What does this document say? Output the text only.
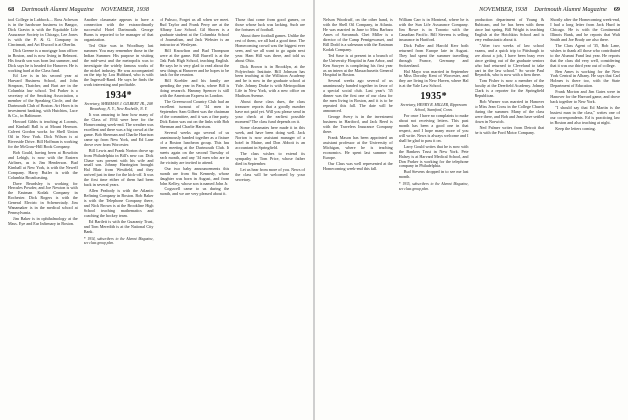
68 Dartmouth Alumni Magazine NOVEMBER, 1938

tool College in Lubbock.... Ross Acheson is in the hardware business in Bangor, Dick Gravin is with the Equitable Life Assurance Society in Chicago, Lee Jones is with the P. & G. Company in Cincinnati, and Art Elwood is at Oberlin.

Dick Greene is a mortgage loan officer in Boston, and is now living in Belmont. His fourth son was born last summer, and Dick says he is headed for Hanover. He is working hard at the Class fund.

Ed Lee is in his second year at Harvard Business School, and John Simpson, Thatcher, and Bart are in the Columbia law school. Ted Parker is a secretary of the Smoking Association, a member of the Speaking Circle, and the Dartmouth Club of Boston. Art Horn is in investment banking, with Hutchins, Luce & Co., in Baltimore.

Howard Gibbs is teaching at Loomis, and Kimball Ball is at Mount Hermon. Calvert Gordon works for Shell Union Oil in New York. Dick Wilson is at Riverside Drive. Bill Hoffman is working for the McGraw-Hill Book Company.

Bob Gould, having been at Bowdoin and Lehigh, is now with the Eastern Airlines, as is Jim Henderson. Bud Kimball at New York, is with the Newell Company. Harry Butler is with the Columbia Broadcasting.

Dave Beardsley is working for Hercules Powder, and Joe Newton is with the Eastman Kodak Company in Rochester. Dick Rogers is with the General Electric in Schenectady. Jim Wanamaker is in the medical school at Pennsylvania.

Jim Baker is in ophthalmology at the Mass. Eye and Ear Infirmary in Boston.

Another classmate appears to have a connection with the extraordinarily successful Hotel Dartmouth. George Burns is reported to be manager of that organization.

Ted Okie was in Woodbury last summer. You may remember those in the Indian Summer. His purpose in visiting the mid-west and the metropolis was to investigate the widely famous works of the nickel industry. He was accompanied on the trip by Lou Hubbard, who is with the Ingersoll-Rand. He says he finds the work interesting and profitable.

1934*
Secretary, SHERMAN J. GILBERT JR., 208 Broadway, N. Y., New Rochelle, N. Y.

It was amazing to hear how many of the Class of 1934 were here for the Homecoming week-end. The weather was excellent and there was a big crowd at the game. Bob Sherman and Charlie Harrison came up from New York, and Ed Lane drove over from Worcester.

Bill Lewis and Frank Norton drove up from Philadelphia in Bill's new car. Dick Chase was present with his wife and small son. Johnny Harrington brought Hal Blair from Westfield, and they arrived just in time for the kick-off. It was the first time either of them had been back in several years.

Allen Peabody is with the Atlantic Refining Company in Boston. Bob Baker is with the Telephone Company there, and Nick Brown is at the Brookline High School teaching mathematics and coaching the hockey team.

Ed Bartlett is with the Guaranty Trust, and Tom Meredith is at the National City Bank.

* 1934, subscribers to the Alumni Magazine, see class group plan.

of Pubsco, Forget us all when we meet. Bud Taylor and Frank Perry are at the Albany Law School. Gil Shores is a graduate student at the Columbia School of Journalism, and Jack Webster is an instructor at Wesleyan.

Bill Knowlton and Bud Thompson were at the game. Bill Burrell is at the Oak Park High School, teaching English. He says he is very glad to read about the new things at Hanover and he hopes to be back for the reunion.

Bill Koehler and his family are spending the year in Paris, where Bill is doing research. Hammy Spencer is still with the American Express in London.

The Greenwood Country Club had an excellent turnout of '34 men in September. Sam Gilbert was the chairman of the committee, and it was a fine party. Dick Eaton was out on the links with Bob Sherman and Charlie Harrison.

Several weeks ago several of us unanimously banded together as a fixture of a Boston luncheon group. This has been meeting at the Dartmouth Club. It meets again on the second Tuesday of each month, and any '34 men who are in the vicinity are invited to attend.

Our two baby announcements this month are from Stu Kennedy, whose daughter was born in August, and from John Kelley, whose son is named John Jr.

Cogswell came to us during the month, and we are very pleased about it.

Those that come from good games, or those whose luck was lacking. Such are the fortunes of football.

About three football games. Unlike the rest of them, we all had a good time. The Homecoming crowd was the biggest ever seen, and we all want to go again next year. Ham Hill was there, and told us about Ohio.

Dick Brown is in Brooklyn, at the Polytechnic Institute. Bill Johnson has been teaching at the Williston Academy and he is now in the graduate school at Yale. Johnny Drake is with Metropolitan Life in New York, with a new office on Madison Avenue.

About those class dues, the class treasurer reports that a goodly number have not paid yet. Will you please send in your check at the earliest possible moment? The class fund depends on it.

Some classmates here made it in this week, and have been doing well. Jack Norton is now assistant manager of a hotel in Maine, and Don Abbott is an accountant in Springfield.

The class wishes to extend its sympathy to Tom Price, whose father died in September.

Let us hear from more of you. News of the class will be welcomed by your secretary.

NOVEMBER, 1938 Dartmouth Alumni Magazine 69

Nelson Woodruff, on the other hand, is with the Shell Oil Company, in Atlanta. He was married in June to Miss Barbara Ames of Savannah. Chet Miller is a director of the Camp Pemigewasset, and Bill Dodd is a salesman with the Eastman Kodak Company.

Ted Saxe is at present in a branch of the University Hospital in Ann Arbor, and Ken Sawyer is completing his first year as an intern at the Massachusetts General Hospital in Boston.

Several weeks ago several of us unanimously banded together in favor of a special social club. Last year's '35 dinner was the first one of our class for the men living in Boston, and it is to be repeated this fall. The date will be announced.

George Avery is in the investment business in Hartford, and Jack Reed is with the Travelers Insurance Company there.

Frank Mason has been appointed an assistant professor at the University of Michigan, where he is teaching economics. He spent last summer in Europe.

Our Class was well represented at the Homecoming week-end this fall.

William Carr is in Montreal, where he is with the Sun Life Assurance Company. Jim Rowe is in Toronto with the Canadian Pacific. Bill Stevens is selling insurance in Hartford.

Dick Fuller and Harold Kerr both returned from Europe late in August. They had spent the summer travelling through France, Germany and Switzerland.

Hal Mayo was married in September to Miss Dorothy Kent of Worcester, and they are living in New Haven, where Hal is at the Yale Law School.

1935*
Secretary, HENRY R. MILLER, Rippowam School, Stamford, Conn.

For once I have no complaints to make about not receiving letters. This past month has been a good one in that respect, and I hope many more of you will write. News is always welcome and I shall be glad to pass it on.

Larry Gould writes that he is now with the Bankers Trust in New York. Pete Halsey is at Harvard Medical School, and Don Parker is working for the telephone company in Philadelphia.

Bud Stevens dropped in to see me last month.

* 1935, subscribers to the Alumni Magazine, see class group plan.

production department of Young & Rubicam, and he has been with them since last spring. Bill Wright is teaching English at the Hotchkiss School and is very enthusiastic about it.

"After two weeks of law school exams, and a quick trip to Pittsburgh to see about a job, I have been busy ever since getting out of the graduate seniors who had returned to Cleveland to take part in the law school." So wrote Paul Reynolds, who is now with a firm there.

Tom Fisher is now a member of the faculty at the Deerfield Academy. Johnny Clark is a reporter for the Springfield Republican.

Bob Warner was married in Hanover to Miss Jean Cross in the College Church during the summer. Many of the class were there, and Bob and Jean have settled down in Norwich.

Ned Palmer writes from Detroit that he is with the Ford Motor Company.

Shortly after the Homecoming week-end, I had a long letter from Jack Hurd in Chicago. He is with the Continental Illinois Bank, and he reports that Walt Smith and Joe Brady are also there.

The Class Agent of '35, Bob Lane, wishes to thank all those who contributed to the Alumni Fund last year. He reports that the class did very well, considering that it was our third year out of college.

Ben Ames is working for the New York Central in Albany. He says that Carl Holmes is there too, with the State Department of Education.

Frank Morton and Jim Gates were in Hanover for the Harvard game, and drove back together to New York.

"I should say that Ed Martin is the busiest man in the class," writes one of our correspondents. Ed is practicing law in Boston and also teaching at night.

Keep the letters coming.
